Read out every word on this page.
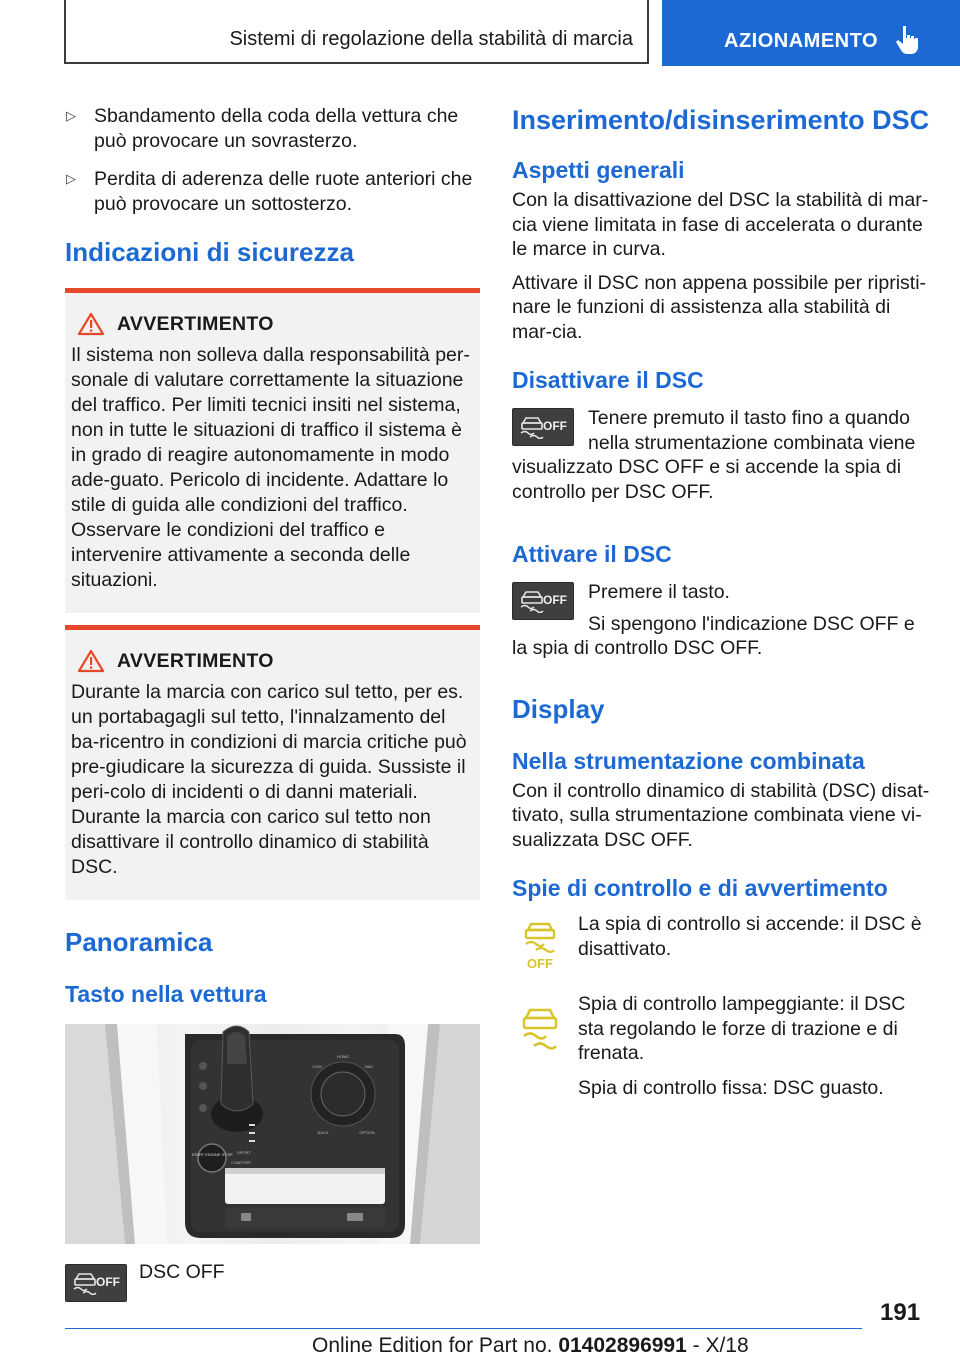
Sistemi di regolazione della stabilità di marcia	AZIONAMENTO
▷ Sbandamento della coda della vettura che può provocare un sovrasterzo.
▷ Perdita di aderenza delle ruote anteriori che può provocare un sottosterzo.
Indicazioni di sicurezza
AVVERTIMENTO

Il sistema non solleva dalla responsabilità per-sonale di valutare correttamente la situazione del traffico. Per limiti tecnici insiti nel sistema, non in tutte le situazioni di traffico il sistema è in grado di reagire autonomamente in modo ade-guato. Pericolo di incidente. Adattare lo stile di guida alle condizioni del traffico. Osservare le condizioni del traffico e intervenire attivamente a seconda delle situazioni.

AVVERTIMENTO

Durante la marcia con carico sul tetto, per es. un portabagagli sul tetto, l'innalzamento del ba-ricentro in condizioni di marcia critiche può pre-giudicare la sicurezza di guida. Sussiste il peri-colo di incidenti o di danni materiali. Durante la marcia con carico sul tetto non disattivare il controllo dinamico di stabilità DSC.

Panoramica
Tasto nella vettura
START ENGINE STOP
HOME
COM	NAV
BACK	OPTION
SPORT
COMFORT
OFF DSC OFF

Inserimento/disinserimento DSC
Aspetti generali

Con la disattivazione del DSC la stabilità di mar-cia viene limitata in fase di accelerata o durante le marce in curva.

Attivare il DSC non appena possibile per ripristi-nare le funzioni di assistenza alla stabilità di mar-cia.

Disattivare il DSC
OFF	Tenere premuto il tasto fino a quando nella strumentazione combinata viene visualizzato DSC OFF e si accende la spia di controllo per DSC OFF.

Attivare il DSC
OFF	Premere il tasto.

Si spengono l'indicazione DSC OFF e la spia di controllo DSC OFF.

Display
Nella strumentazione combinata

Con il controllo dinamico di stabilità (DSC) disat-tivato, sulla strumentazione combinata viene vi-sualizzata DSC OFF.

Spie di controllo e di avvertimento
OFF

La spia di controllo si accende: il DSC è disattivato.

Spia di controllo lampeggiante: il DSC sta regolando le forze di trazione e di frenata.

Spia di controllo fissa: DSC guasto.

191
Online Edition for Part no. 01402896991 - X/18
